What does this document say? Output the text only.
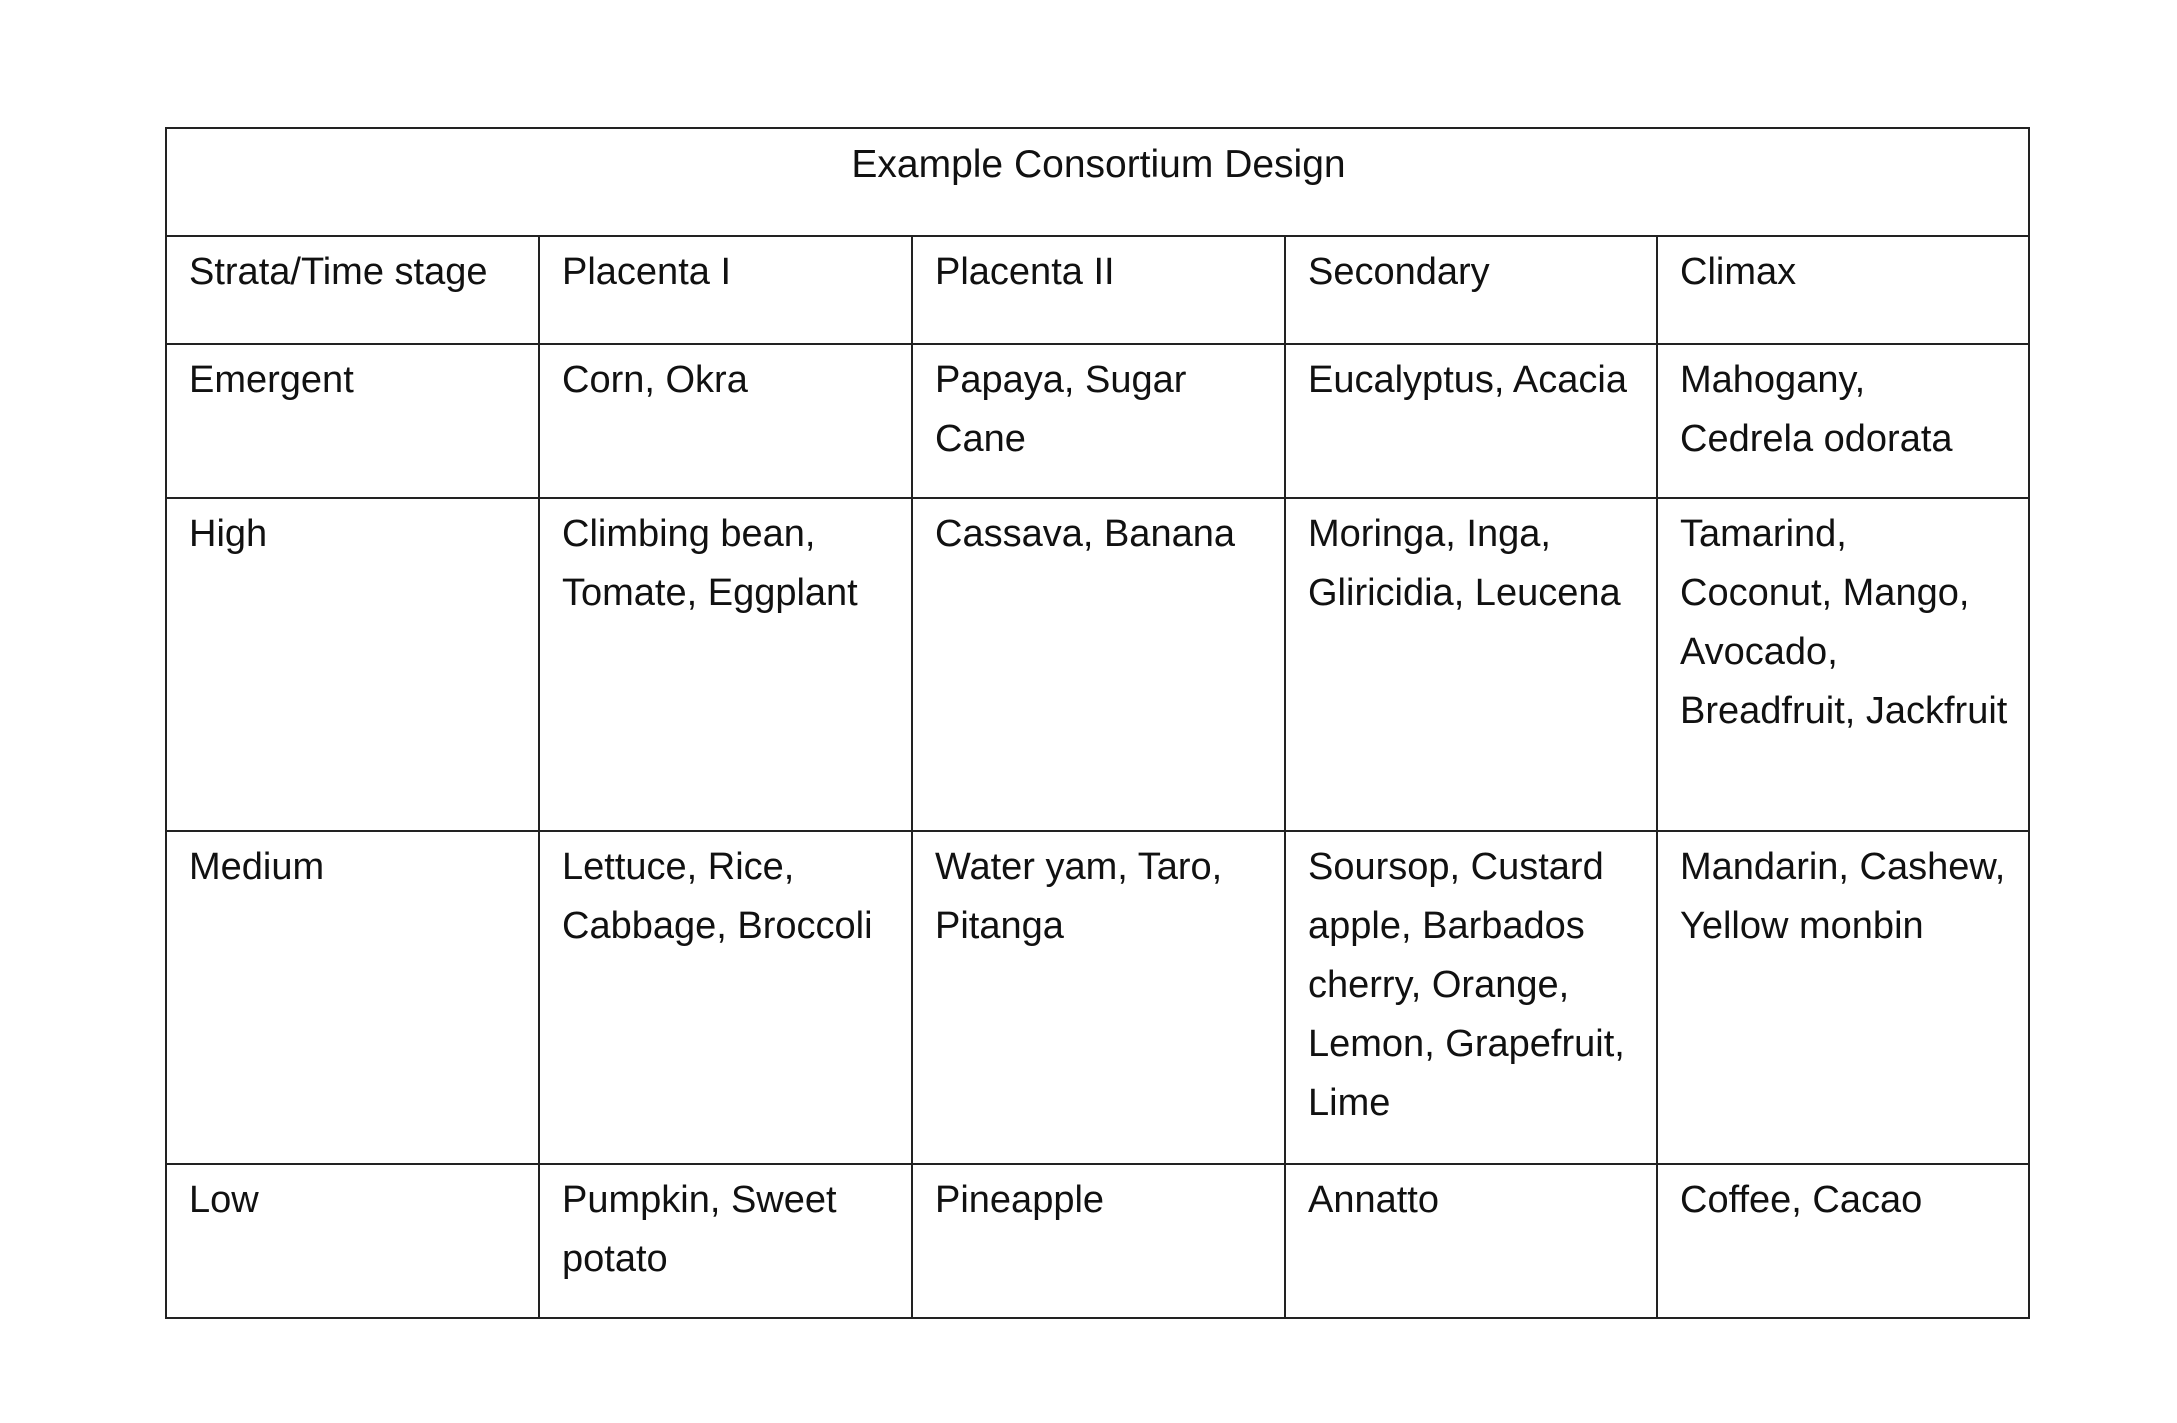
Example Consortium Design				
Strata/Time stage	Placenta I	Placenta II	Secondary	Climax
Emergent	Corn, Okra	Papaya, Sugar Cane	Eucalyptus, Acacia	Mahogany, Cedrela odorata
High	Climbing bean, Tomate, Eggplant	Cassava, Banana	Moringa, Inga, Gliricidia, Leucena	Tamarind, Coconut, Mango, Avocado, Breadfruit, Jackfruit
Medium	Lettuce, Rice, Cabbage, Broccoli	Water yam, Taro, Pitanga	Soursop, Custard apple, Barbados cherry, Orange, Lemon, Grapefruit, Lime	Mandarin, Cashew, Yellow monbin
Low	Pumpkin, Sweet potato	Pineapple	Annatto	Coffee, Cacao
